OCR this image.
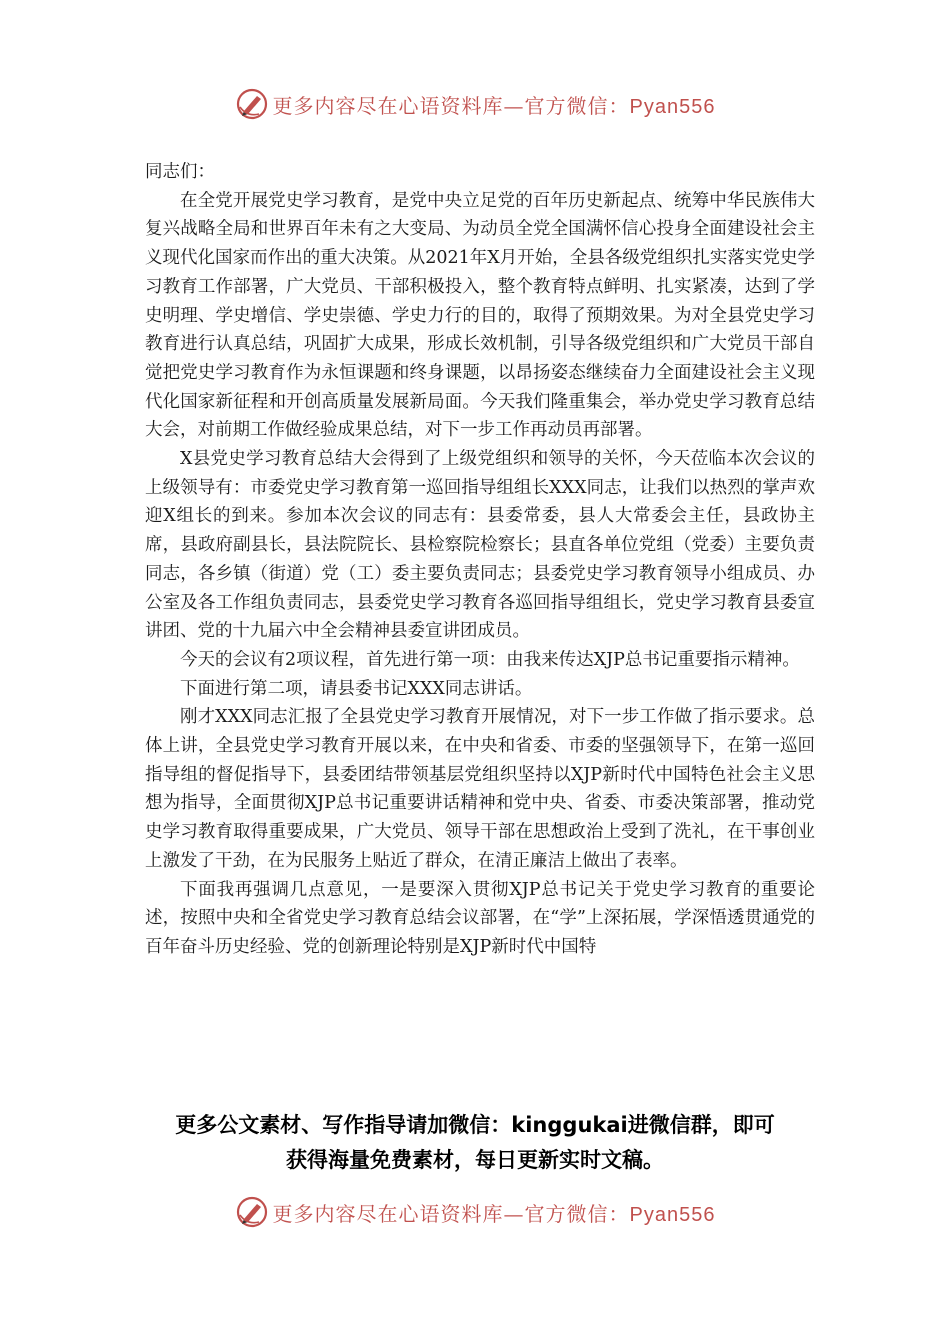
更多内容尽在心语资料库—官方微信：Pyan556

同志们：

在全党开展党史学习教育，是党中央立足党的百年历史新起点、统筹中华民族伟大复兴战略全局和世界百年未有之大变局、为动员全党全国满怀信心投身全面建设社会主义现代化国家而作出的重大决策。从2021年X月开始，全县各级党组织扎实落实党史学习教育工作部署，广大党员、干部积极投入，整个教育特点鲜明、扎实紧凑，达到了学史明理、学史增信、学史崇德、学史力行的目的，取得了预期效果。为对全县党史学习教育进行认真总结，巩固扩大成果，形成长效机制，引导各级党组织和广大党员干部自觉把党史学习教育作为永恒课题和终身课题，以昂扬姿态继续奋力全面建设社会主义现代化国家新征程和开创高质量发展新局面。今天我们隆重集会，举办党史学习教育总结大会，对前期工作做经验成果总结，对下一步工作再动员再部署。

X县党史学习教育总结大会得到了上级党组织和领导的关怀，今天莅临本次会议的上级领导有：市委党史学习教育第一巡回指导组组长XXX同志，让我们以热烈的掌声欢迎X组长的到来。参加本次会议的同志有：县委常委，县人大常委会主任，县政协主席，县政府副县长，县法院院长、县检察院检察长；县直各单位党组（党委）主要负责同志，各乡镇（街道）党（工）委主要负责同志；县委党史学习教育领导小组成员、办公室及各工作组负责同志，县委党史学习教育各巡回指导组组长，党史学习教育县委宣讲团、党的十九届六中全会精神县委宣讲团成员。

今天的会议有2项议程，首先进行第一项：由我来传达XJP总书记重要指示精神。

下面进行第二项，请县委书记XXX同志讲话。

刚才XXX同志汇报了全县党史学习教育开展情况，对下一步工作做了指示要求。总体上讲，全县党史学习教育开展以来，在中央和省委、市委的坚强领导下，在第一巡回指导组的督促指导下，县委团结带领基层党组织坚持以XJP新时代中国特色社会主义思想为指导，全面贯彻XJP总书记重要讲话精神和党中央、省委、市委决策部署，推动党史学习教育取得重要成果，广大党员、领导干部在思想政治上受到了洗礼，在干事创业上激发了干劲，在为民服务上贴近了群众，在清正廉洁上做出了表率。

下面我再强调几点意见，一是要深入贯彻XJP总书记关于党史学习教育的重要论述，按照中央和全省党史学习教育总结会议部署，在“学”上深拓展，学深悟透贯通党的百年奋斗历史经验、党的创新理论特别是XJP新时代中国特

更多公文素材、写作指导请加微信：kinggukai进微信群，即可
获得海量免费素材，每日更新实时文稿。
更多内容尽在心语资料库—官方微信：Pyan556
